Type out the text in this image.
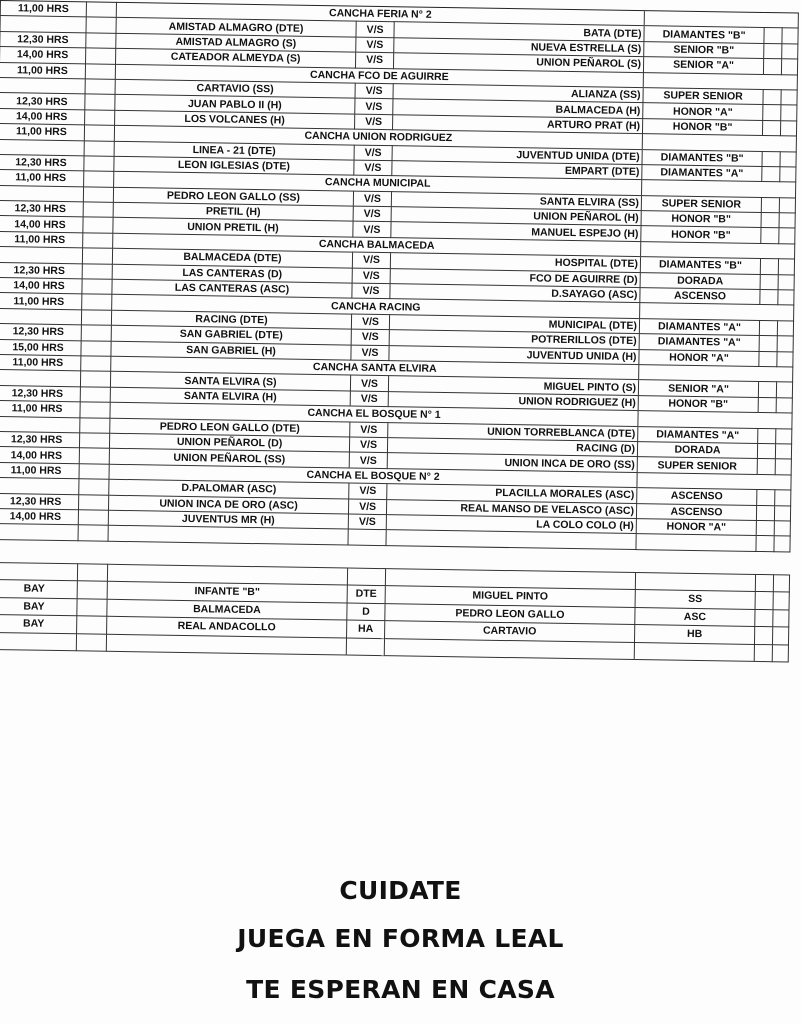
11,00 HRS		CANCHA FERIA N° 2					
		AMISTAD ALMAGRO (DTE)	V/S	BATA (DTE)	DIAMANTES "B"		
12,30 HRS		AMISTAD ALMAGRO (S)	V/S	NUEVA ESTRELLA (S)	SENIOR "B"		
14,00 HRS		CATEADOR ALMEYDA (S)	V/S	UNION PEÑAROL (S)	SENIOR "A"		
11,00 HRS		CANCHA FCO DE AGUIRRE					
		CARTAVIO (SS)	V/S	ALIANZA (SS)	SUPER SENIOR		
12,30 HRS		JUAN PABLO II (H)	V/S	BALMACEDA (H)	HONOR "A"		
14,00 HRS		LOS VOLCANES (H)	V/S	ARTURO PRAT (H)	HONOR "B"		
11,00 HRS		CANCHA UNION RODRIGUEZ					
		LINEA - 21 (DTE)	V/S	JUVENTUD UNIDA (DTE)	DIAMANTES "B"		
12,30 HRS		LEON IGLESIAS (DTE)	V/S	EMPART (DTE)	DIAMANTES "A"		
11,00 HRS		CANCHA MUNICIPAL					
		PEDRO LEON GALLO (SS)	V/S	SANTA ELVIRA (SS)	SUPER SENIOR		
12,30 HRS		PRETIL (H)	V/S	UNION PEÑAROL (H)	HONOR "B"		
14,00 HRS		UNION PRETIL (H)	V/S	MANUEL ESPEJO (H)	HONOR "B"		
11,00 HRS		CANCHA BALMACEDA					
		BALMACEDA (DTE)	V/S	HOSPITAL (DTE)	DIAMANTES "B"		
12,30 HRS		LAS CANTERAS (D)	V/S	FCO DE AGUIRRE (D)	DORADA		
14,00 HRS		LAS CANTERAS (ASC)	V/S	D.SAYAGO (ASC)	ASCENSO		
11,00 HRS		CANCHA RACING					
		RACING (DTE)	V/S	MUNICIPAL (DTE)	DIAMANTES "A"		
12,30 HRS		SAN GABRIEL (DTE)	V/S	POTRERILLOS (DTE)	DIAMANTES "A"		
15,00 HRS		SAN GABRIEL (H)	V/S	JUVENTUD UNIDA (H)	HONOR "A"		
11,00 HRS		CANCHA SANTA ELVIRA					
		SANTA ELVIRA (S)	V/S	MIGUEL PINTO (S)	SENIOR "A"		
12,30 HRS		SANTA ELVIRA (H)	V/S	UNION RODRIGUEZ (H)	HONOR "B"		
11,00 HRS		CANCHA EL BOSQUE N° 1					
		PEDRO LEON GALLO (DTE)	V/S	UNION TORREBLANCA (DTE)	DIAMANTES "A"		
12,30 HRS		UNION PEÑAROL (D)	V/S	RACING (D)	DORADA		
14,00 HRS		UNION PEÑAROL (SS)	V/S	UNION INCA DE ORO (SS)	SUPER SENIOR		
11,00 HRS		CANCHA EL BOSQUE N° 2					
		D.PALOMAR (ASC)	V/S	PLACILLA MORALES (ASC)	ASCENSO		
12,30 HRS		UNION INCA DE ORO (ASC)	V/S	REAL MANSO DE VELASCO (ASC)	ASCENSO		
14,00 HRS		JUVENTUS MR (H)	V/S	LA COLO COLO (H)	HONOR "A"		

BAY		INFANTE "B"	DTE	MIGUEL PINTO	SS		
BAY		BALMACEDA	D	PEDRO LEON GALLO	ASC		
BAY		REAL ANDACOLLO	HA	CARTAVIO	HB		

CUIDATE
JUEGA EN FORMA LEAL
TE ESPERAN EN CASA
